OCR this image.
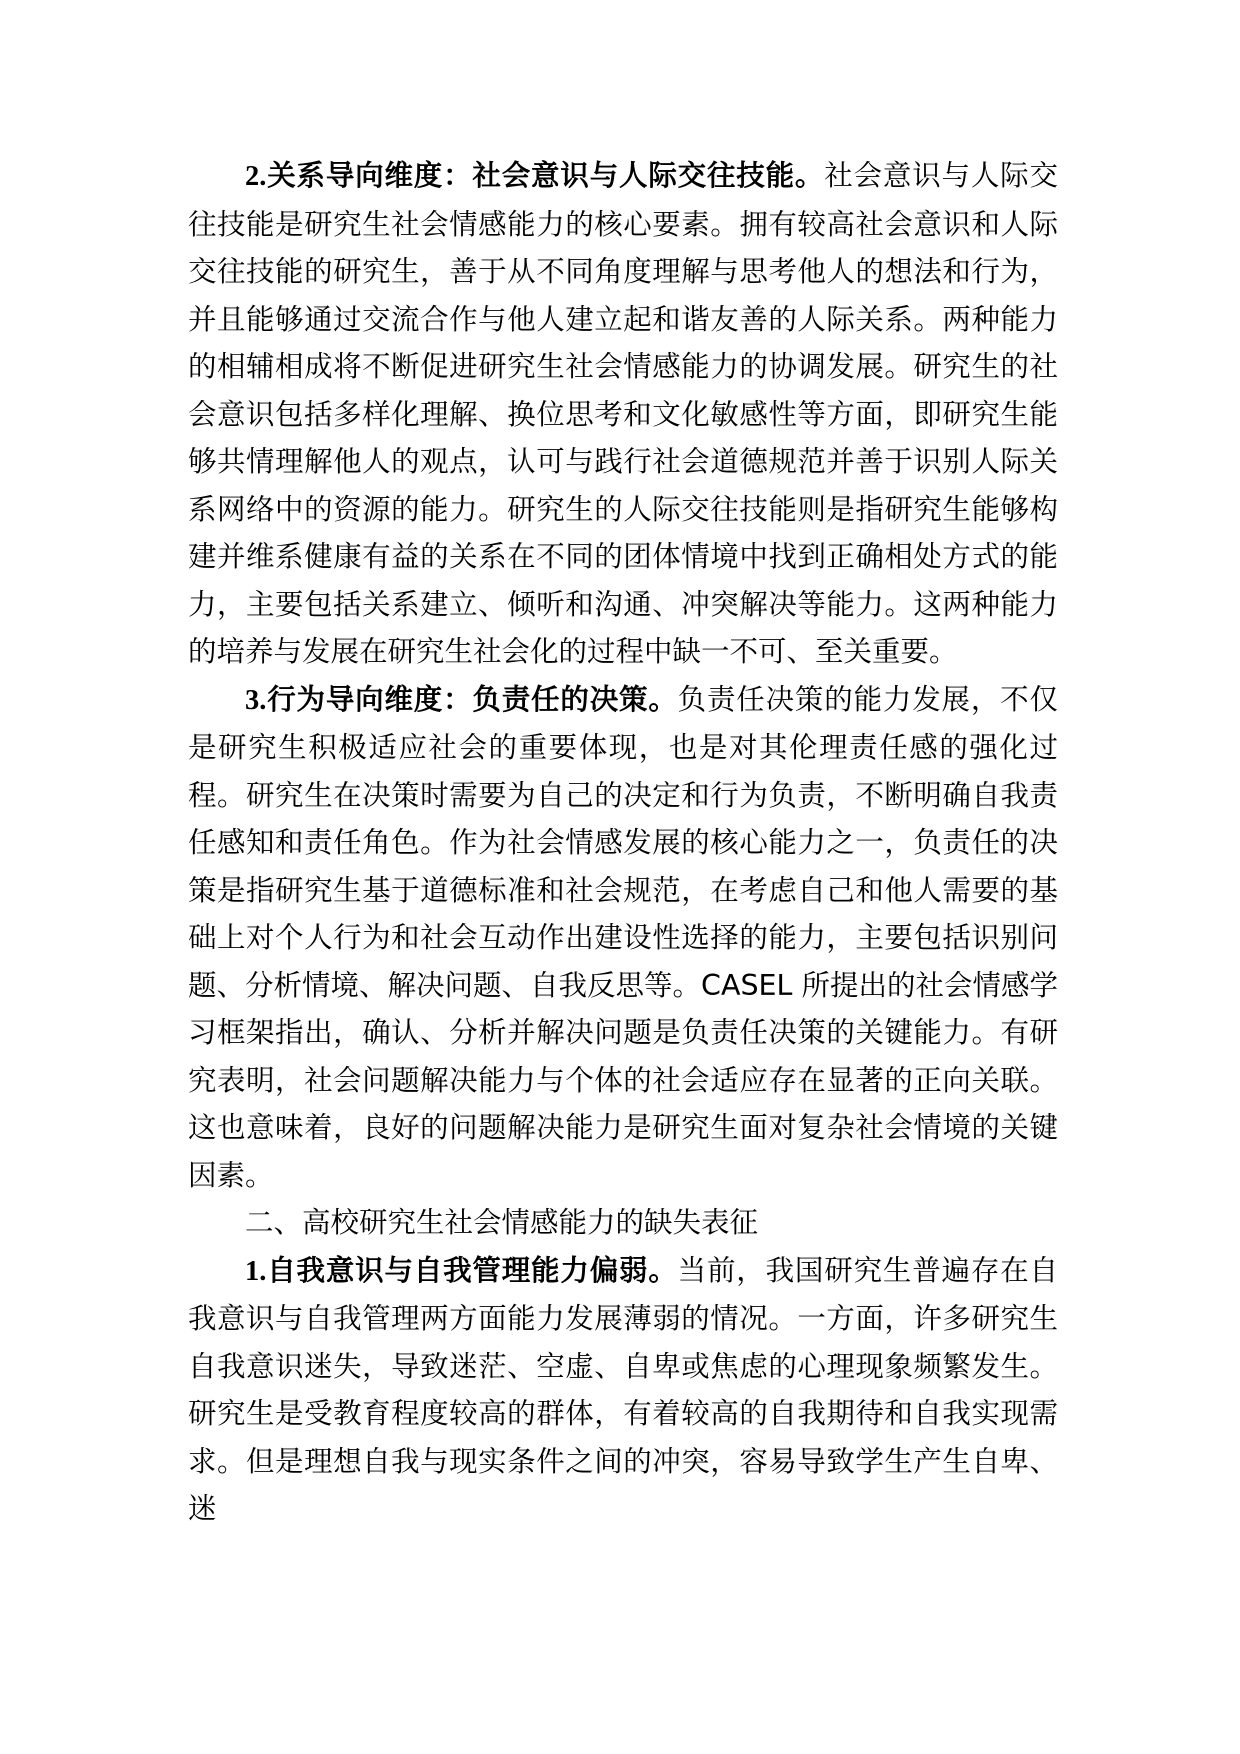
2.关系导向维度：社会意识与人际交往技能。社会意识与人际交往技能是研究生社会情感能力的核心要素。拥有较高社会意识和人际交往技能的研究生，善于从不同角度理解与思考他人的想法和行为，并且能够通过交流合作与他人建立起和谐友善的人际关系。两种能力的相辅相成将不断促进研究生社会情感能力的协调发展。研究生的社会意识包括多样化理解、换位思考和文化敏感性等方面，即研究生能够共情理解他人的观点，认可与践行社会道德规范并善于识别人际关系网络中的资源的能力。研究生的人际交往技能则是指研究生能够构建并维系健康有益的关系在不同的团体情境中找到正确相处方式的能力，主要包括关系建立、倾听和沟通、冲突解决等能力。这两种能力的培养与发展在研究生社会化的过程中缺一不可、至关重要。

3.行为导向维度：负责任的决策。负责任决策的能力发展，不仅是研究生积极适应社会的重要体现，也是对其伦理责任感的强化过程。研究生在决策时需要为自己的决定和行为负责，不断明确自我责任感知和责任角色。作为社会情感发展的核心能力之一，负责任的决策是指研究生基于道德标准和社会规范，在考虑自己和他人需要的基础上对个人行为和社会互动作出建设性选择的能力，主要包括识别问题、分析情境、解决问题、自我反思等。CASEL 所提出的社会情感学习框架指出，确认、分析并解决问题是负责任决策的关键能力。有研究表明，社会问题解决能力与个体的社会适应存在显著的正向关联。这也意味着，良好的问题解决能力是研究生面对复杂社会情境的关键因素。

二、高校研究生社会情感能力的缺失表征

1.自我意识与自我管理能力偏弱。当前，我国研究生普遍存在自我意识与自我管理两方面能力发展薄弱的情况。一方面，许多研究生自我意识迷失，导致迷茫、空虚、自卑或焦虑的心理现象频繁发生。研究生是受教育程度较高的群体，有着较高的自我期待和自我实现需求。但是理想自我与现实条件之间的冲突，容易导致学生产生自卑、迷
